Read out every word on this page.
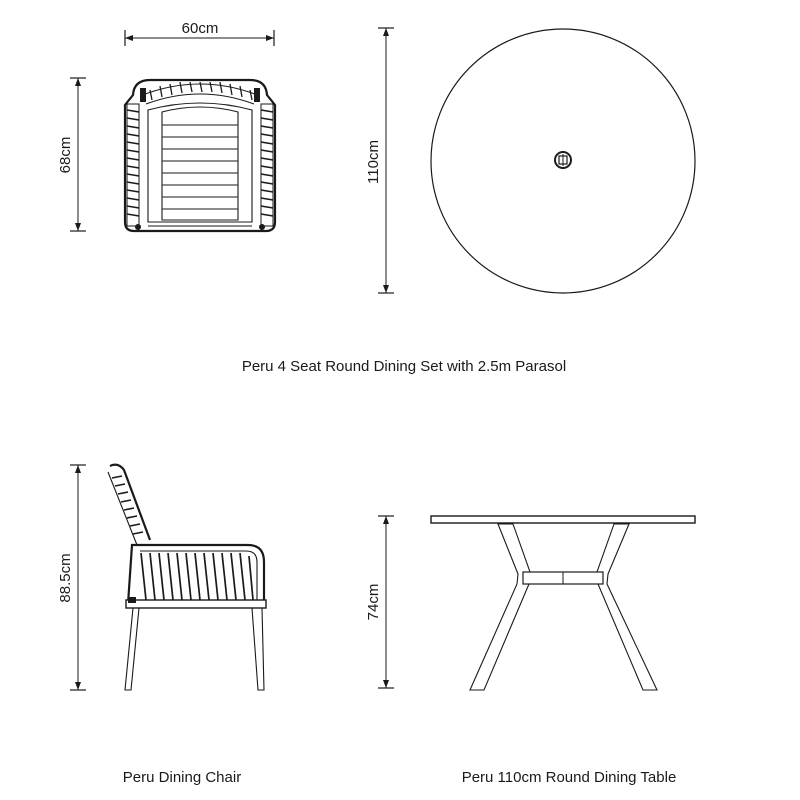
60cm
68cm	110cm
Peru 4 Seat Round Dining Set with 2.5m Parasol
88.5cm	74cm
Peru Dining Chair	Peru 110cm Round Dining Table
